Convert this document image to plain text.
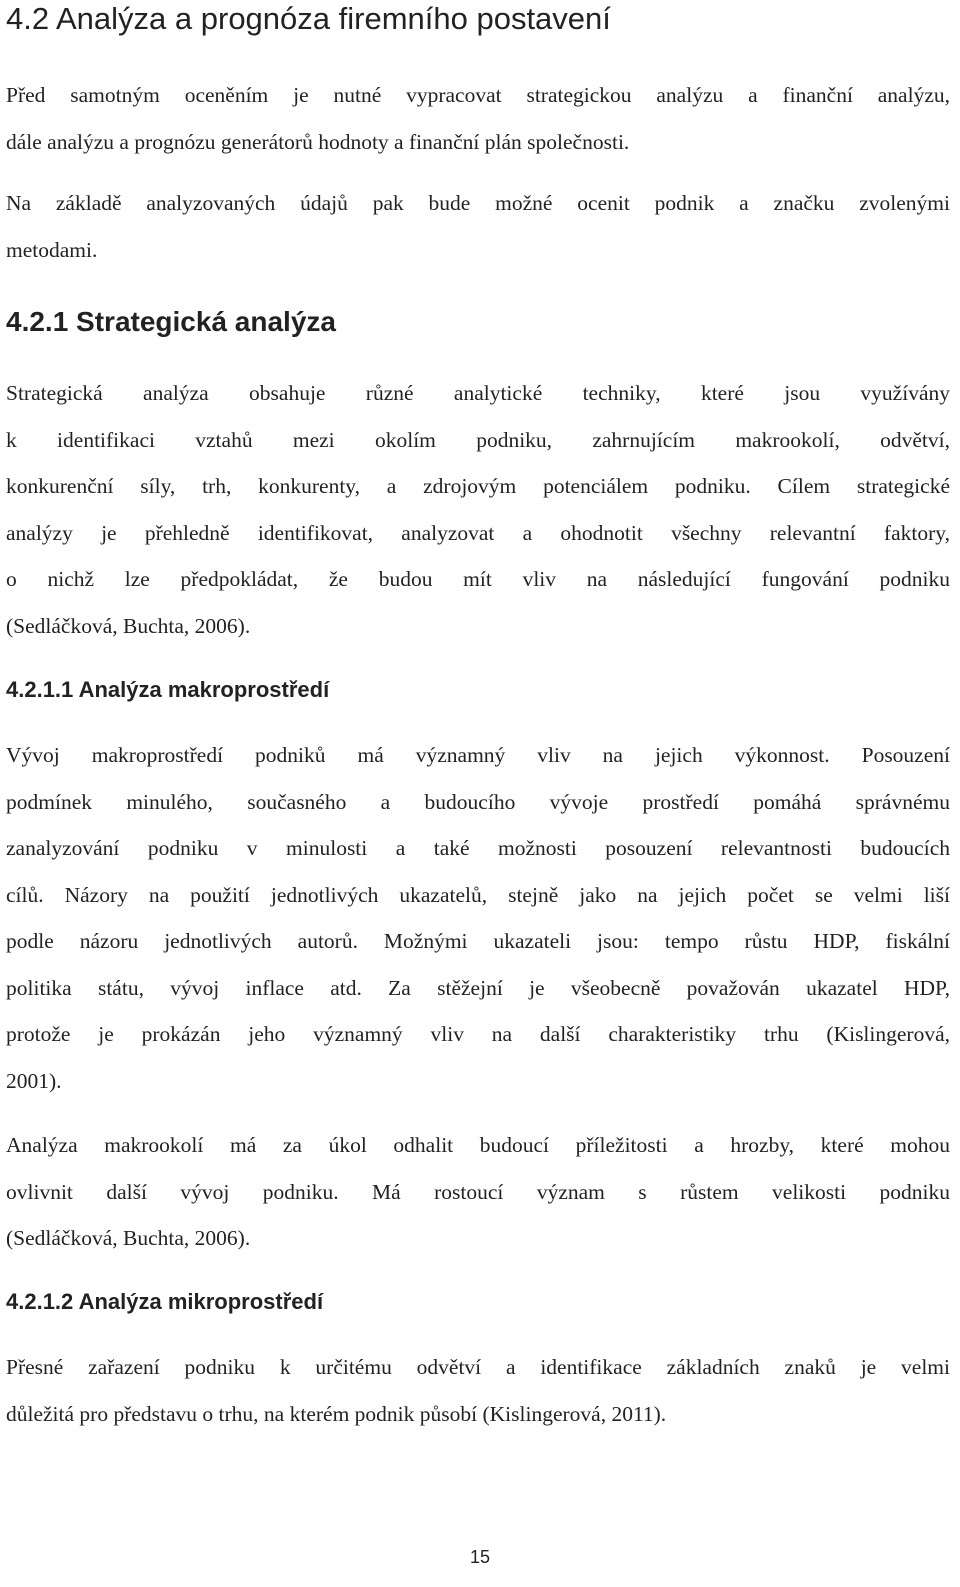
4.2 Analýza a prognóza firemního postavení
Před samotným oceněním je nutné vypracovat strategickou analýzu a finanční analýzu,
dále analýzu a prognózu generátorů hodnoty a finanční plán společnosti.
Na základě analyzovaných údajů pak bude možné ocenit podnik a značku zvolenými
metodami.
4.2.1 Strategická analýza
Strategická analýza obsahuje různé analytické techniky, které jsou využívány
k identifikaci vztahů mezi okolím podniku, zahrnujícím makrookolí, odvětví,
konkurenční síly, trh, konkurenty, a zdrojovým potenciálem podniku. Cílem strategické
analýzy je přehledně identifikovat, analyzovat a ohodnotit všechny relevantní faktory,
o nichž lze předpokládat, že budou mít vliv na následující fungování podniku
(Sedláčková, Buchta, 2006).
4.2.1.1 Analýza makroprostředí
Vývoj makroprostředí podniků má významný vliv na jejich výkonnost. Posouzení
podmínek minulého, současného a budoucího vývoje prostředí pomáhá správnému
zanalyzování podniku v minulosti a také možnosti posouzení relevantnosti budoucích
cílů. Názory na použití jednotlivých ukazatelů, stejně jako na jejich počet se velmi liší
podle názoru jednotlivých autorů. Možnými ukazateli jsou: tempo růstu HDP, fiskální
politika státu, vývoj inflace atd. Za stěžejní je všeobecně považován ukazatel HDP,
protože je prokázán jeho významný vliv na další charakteristiky trhu (Kislingerová,
2001).
Analýza makrookolí má za úkol odhalit budoucí příležitosti a hrozby, které mohou
ovlivnit další vývoj podniku. Má rostoucí význam s růstem velikosti podniku
(Sedláčková, Buchta, 2006).
4.2.1.2 Analýza mikroprostředí
Přesné zařazení podniku k určitému odvětví a identifikace základních znaků je velmi
důležitá pro představu o trhu, na kterém podnik působí (Kislingerová, 2011).
15
